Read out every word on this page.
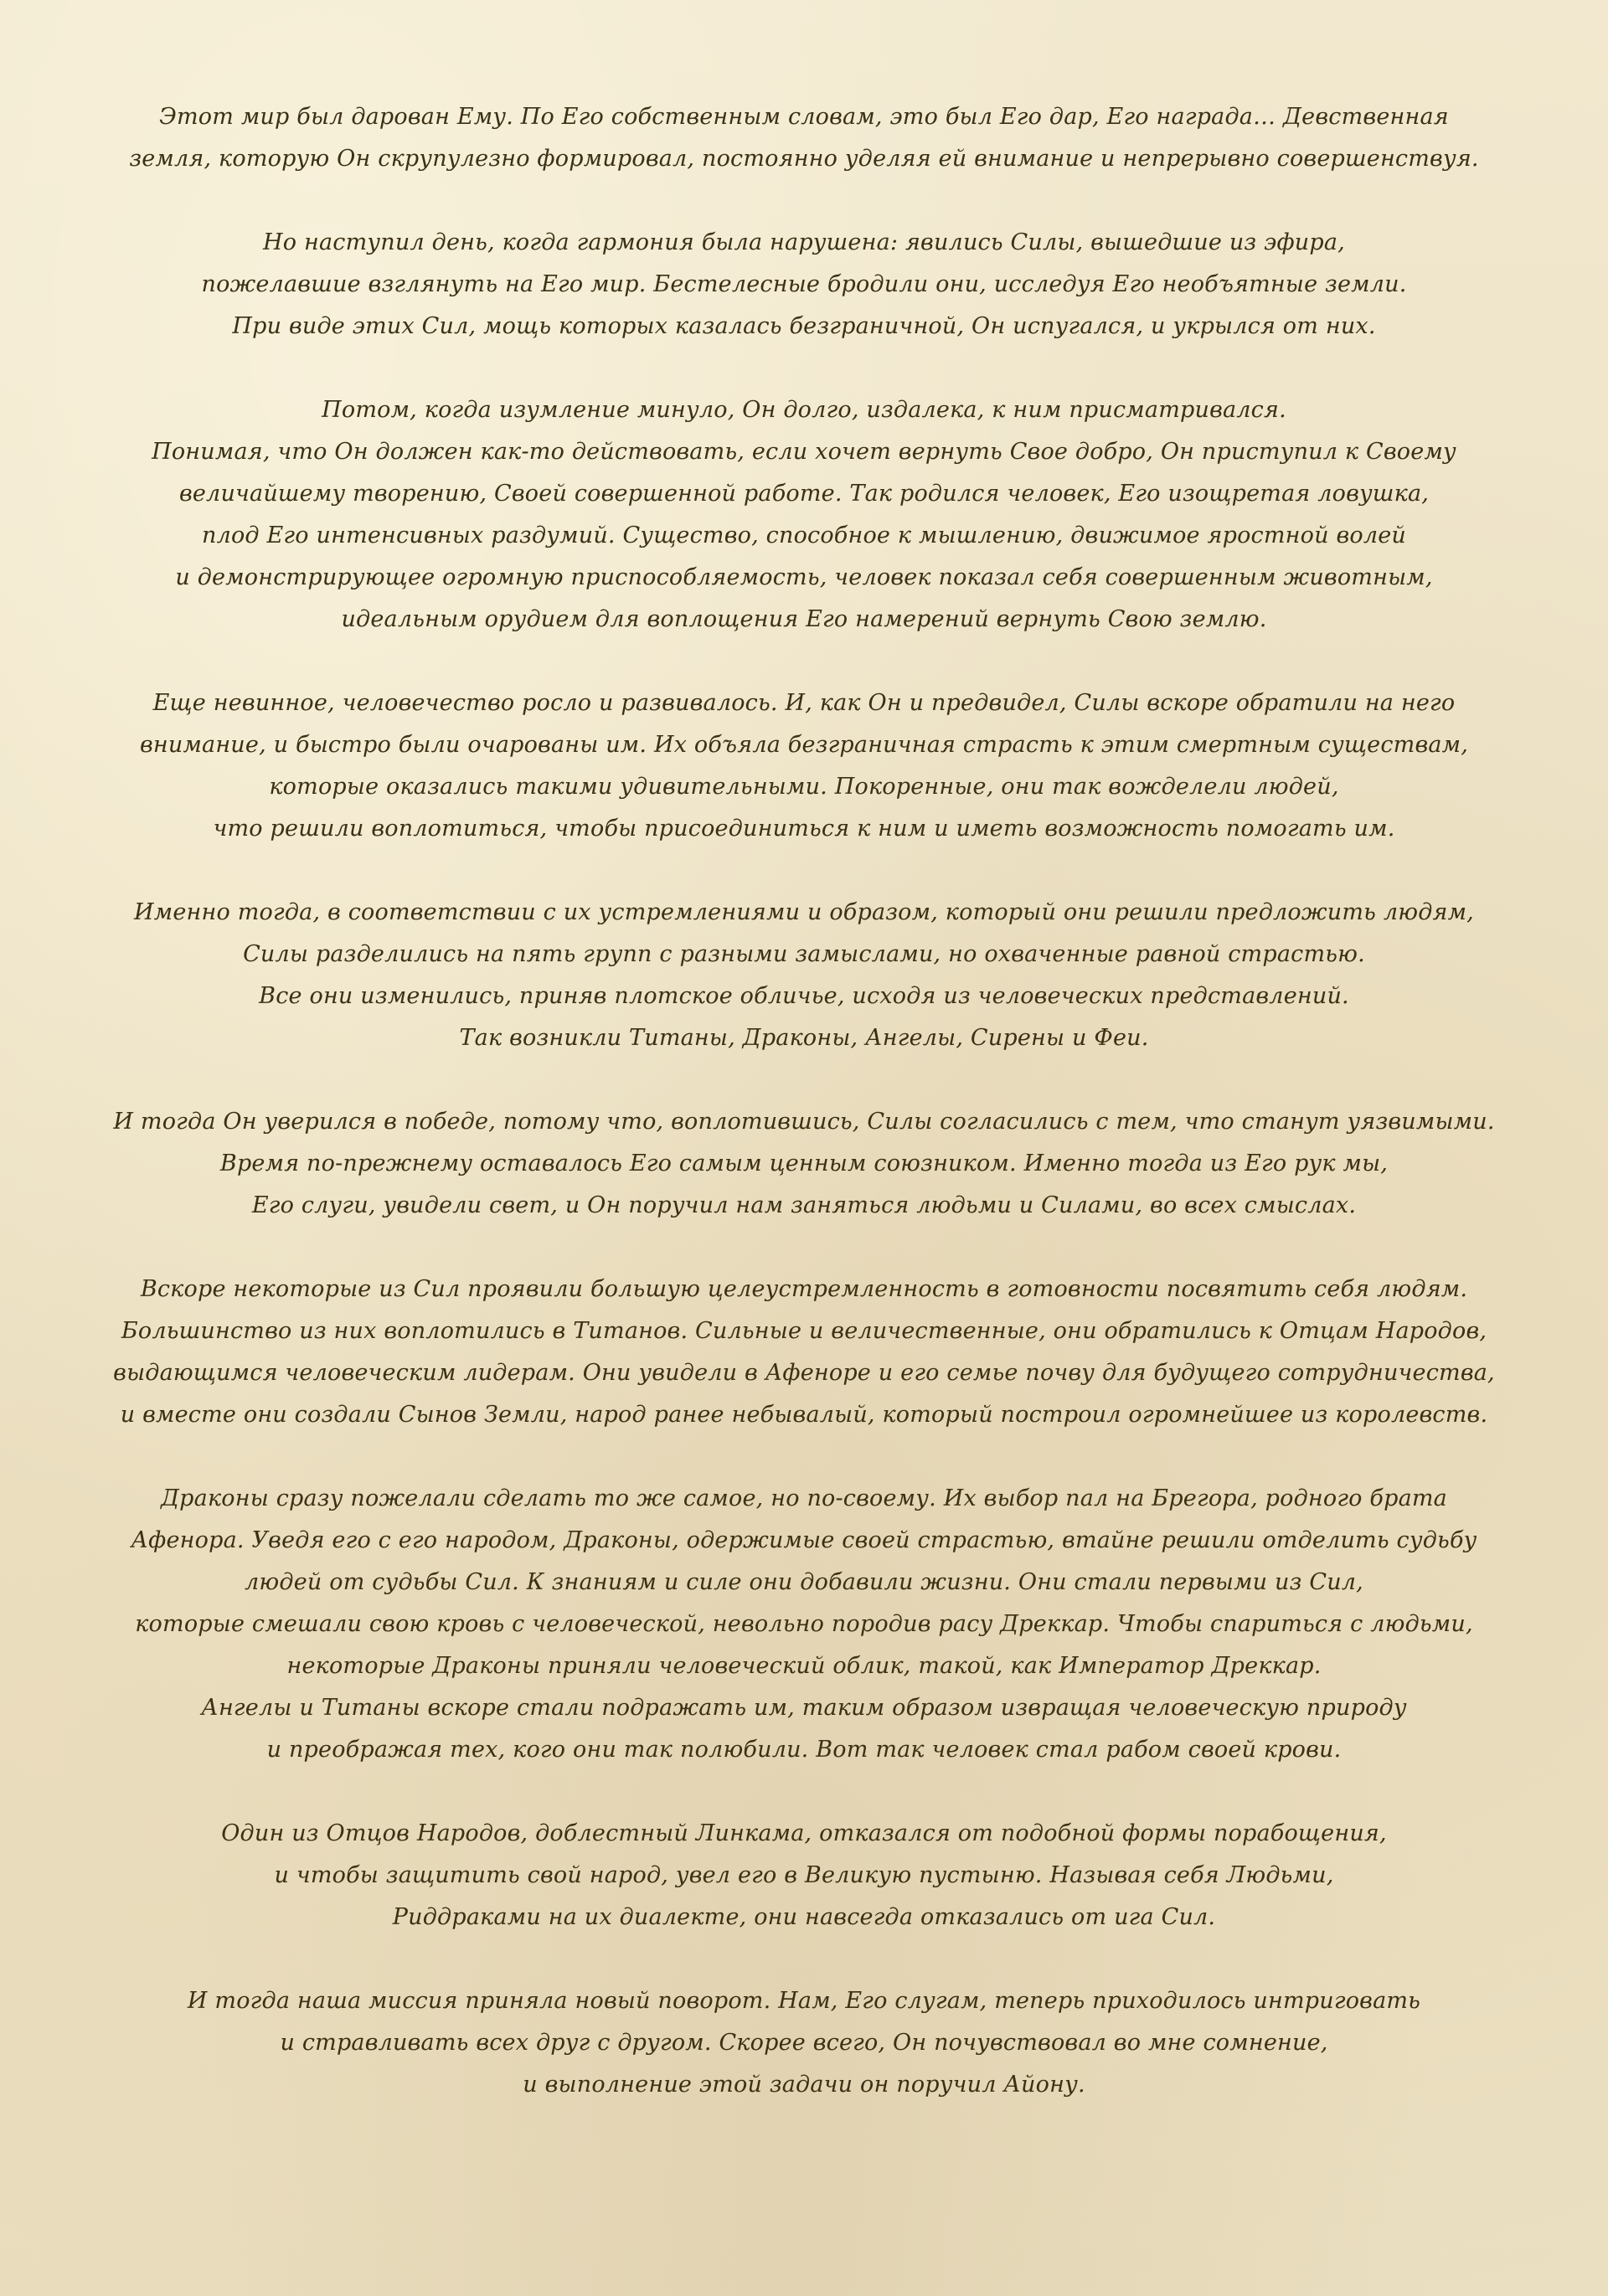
Этот мир был дарован Ему. По Его собственным словам, это был Его дар, Его награда… Девственная
земля, которую Он скрупулезно формировал, постоянно уделяя ей внимание и непрерывно совершенствуя.
Но наступил день, когда гармония была нарушена: явились Силы, вышедшие из эфира,
пожелавшие взглянуть на Его мир. Бестелесные бродили они, исследуя Его необъятные земли.
При виде этих Сил, мощь которых казалась безграничной, Он испугался, и укрылся от них.
Потом, когда изумление минуло, Он долго, издалека, к ним присматривался.
Понимая, что Он должен как-то действовать, если хочет вернуть Свое добро, Он приступил к Своему
величайшему творению, Своей совершенной работе. Так родился человек, Его изощрeтая ловушка,
плод Его интенсивных раздумий. Существо, способное к мышлению, движимое яростной волей
и демонстрирующее огромную приспособляемость, человек показал себя совершенным животным,
идеальным орудием для воплощения Его намерений вернуть Свою землю.
Еще невинное, человечество росло и развивалось. И, как Он и предвидел, Силы вскоре обратили на него
внимание, и быстро были очарованы им. Их объяла безграничная страсть к этим смертным существам,
которые оказались такими удивительными. Покоренные, они так вожделели людей,
что решили воплотиться, чтобы присоединиться к ним и иметь возможность помогать им.
Именно тогда, в соответствии с их устремлениями и образом, который они решили предложить людям,
Силы разделились на пять групп с разными замыслами, но охваченные равной страстью.
Все они изменились, приняв плотское обличье, исходя из человеческих представлений.
Так возникли Титаны, Драконы, Ангелы, Сирены и Феи.
И тогда Он уверился в победе, потому что, воплотившись, Силы согласились с тем, что станут уязвимыми.
Время по-прежнему оставалось Его самым ценным союзником. Именно тогда из Его рук мы,
Его слуги, увидели свет, и Он поручил нам заняться людьми и Силами, во всех смыслах.
Вскоре некоторые из Сил проявили большую целеустремленность в готовности посвятить себя людям.
Большинство из них воплотились в Титанов. Сильные и величественные, они обратились к Отцам Народов,
выдающимся человеческим лидерам. Они увидели в Афеноре и его семье почву для будущего сотрудничества,
и вместе они создали Сынов Земли, народ ранее небывалый, который построил огромнейшее из королевств.
Драконы сразу пожелали сделать то же самое, но по-своему. Их выбор пал на Брегора, родного брата
Афенора. Уведя его с его народом, Драконы, одержимые своей страстью, втайне решили отделить судьбу
людей от судьбы Сил. К знаниям и силе они добавили жизни. Они стали первыми из Сил,
которые смешали свою кровь с человеческой, невольно породив расу Дреккар. Чтобы спариться с людьми,
некоторые Драконы приняли человеческий облик, такой, как Император Дреккар.
Ангелы и Титаны вскоре стали подражать им, таким образом извращая человеческую природу
и преображая тех, кого они так полюбили. Вот так человек стал рабом своей крови.
Один из Отцов Народов, доблестный Линкама, отказался от подобной формы порабощения,
и чтобы защитить свой народ, увел его в Великую пустыню. Называя себя Людьми,
Риддраками на их диалекте, они навсегда отказались от ига Сил.
И тогда наша миссия приняла новый поворот. Нам, Его слугам, теперь приходилось интриговать
и стравливать всех друг с другом. Скорее всего, Он почувствовал во мне сомнение,
и выполнение этой задачи он поручил Айону.
